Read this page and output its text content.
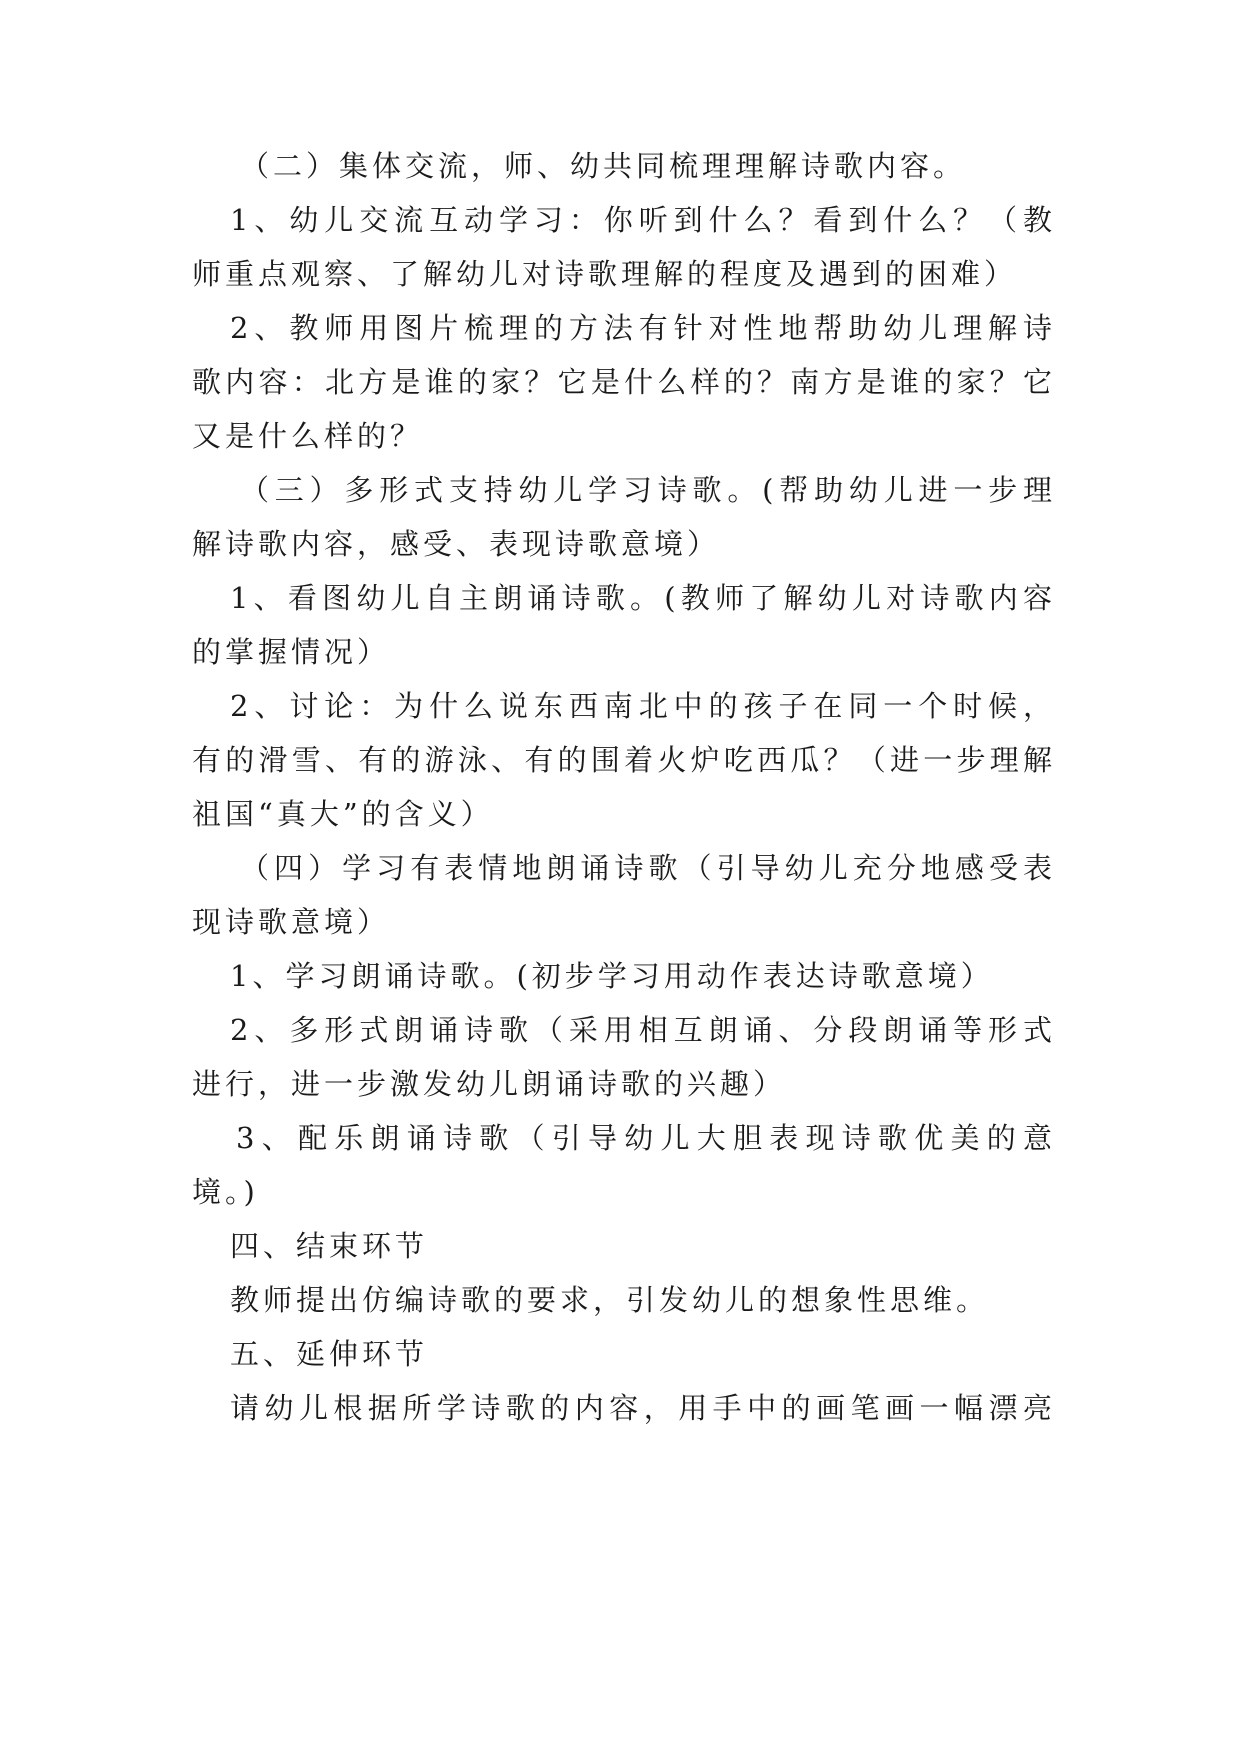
（二）集体交流，师、幼共同梳理理解诗歌内容。
1、幼儿交流互动学习：你听到什么？看到什么？（教
师重点观察、了解幼儿对诗歌理解的程度及遇到的困难）
2、教师用图片梳理的方法有针对性地帮助幼儿理解诗
歌内容：北方是谁的家？它是什么样的？南方是谁的家？它
又是什么样的？
（三）多形式支持幼儿学习诗歌。(帮助幼儿进一步理
解诗歌内容，感受、表现诗歌意境）
1、看图幼儿自主朗诵诗歌。(教师了解幼儿对诗歌内容
的掌握情况）
2、讨论：为什么说东西南北中的孩子在同一个时候，
有的滑雪、有的游泳、有的围着火炉吃西瓜？（进一步理解
祖国“真大”的含义）
（四）学习有表情地朗诵诗歌（引导幼儿充分地感受表
现诗歌意境）
1、学习朗诵诗歌。(初步学习用动作表达诗歌意境）
2、多形式朗诵诗歌（采用相互朗诵、分段朗诵等形式
进行，进一步激发幼儿朗诵诗歌的兴趣）
3、配乐朗诵诗歌（引导幼儿大胆表现诗歌优美的意
境。)
四、结束环节
教师提出仿编诗歌的要求，引发幼儿的想象性思维。
五、延伸环节
请幼儿根据所学诗歌的内容，用手中的画笔画一幅漂亮
